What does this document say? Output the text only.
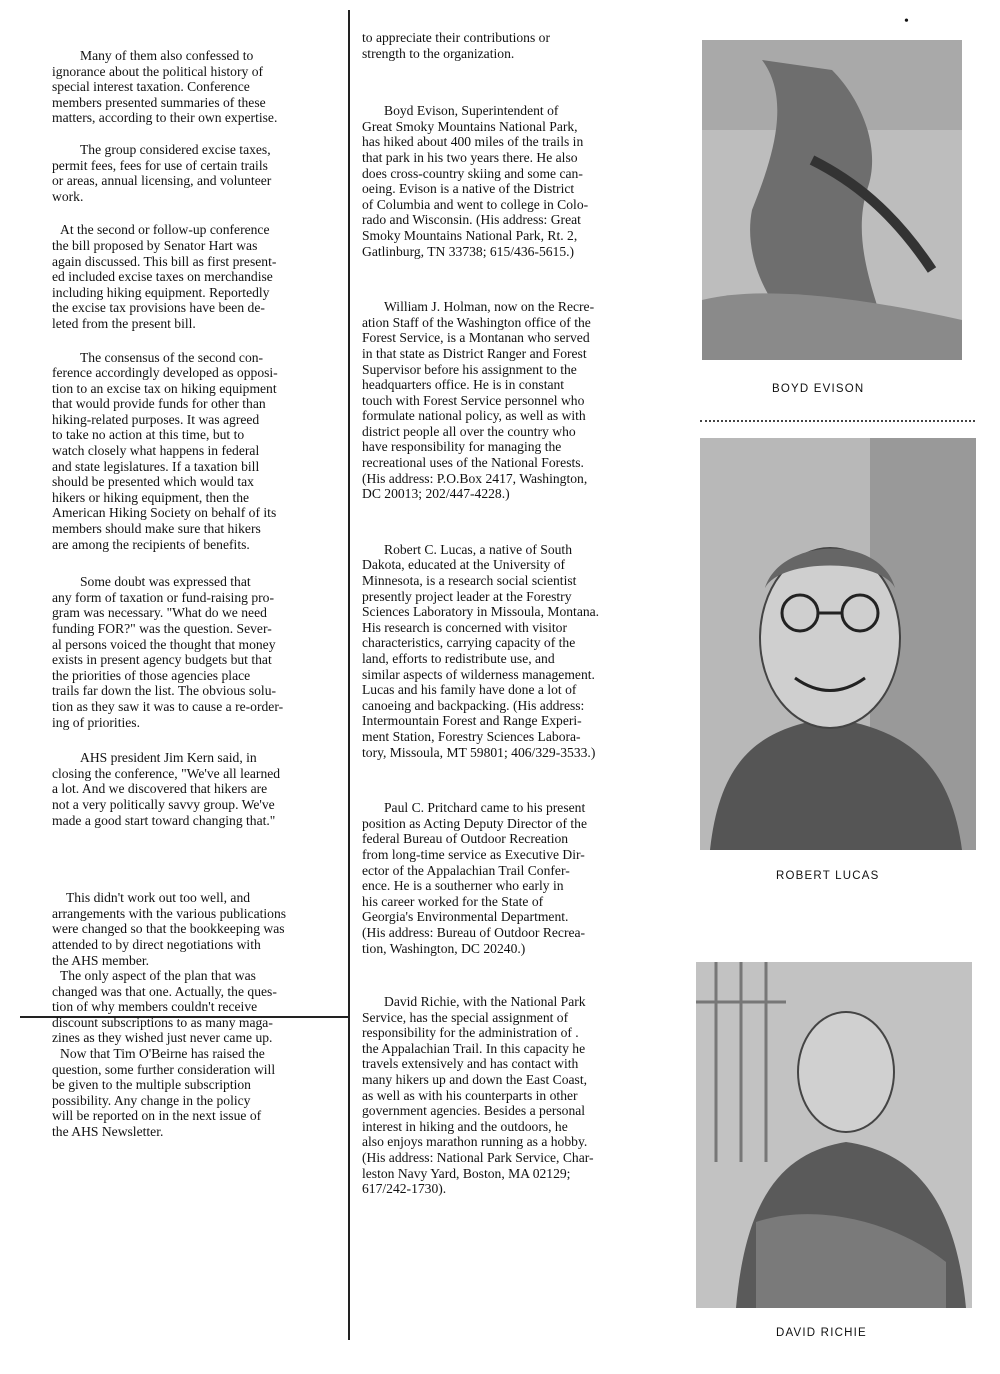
Many of them also confessed to
ignorance about the political history of
special interest taxation. Conference
members presented summaries of these
matters, according to their own expertise.

The group considered excise taxes,
permit fees, fees for use of certain trails
or areas, annual licensing, and volunteer
work.

At the second or follow-up conference
the bill proposed by Senator Hart was
again discussed. This bill as first present-
ed included excise taxes on merchandise
including hiking equipment. Reportedly
the excise tax provisions have been de-
leted from the present bill.

The consensus of the second con-
ference accordingly developed as opposi-
tion to an excise tax on hiking equipment
that would provide funds for other than
hiking-related purposes. It was agreed
to take no action at this time, but to
watch closely what happens in federal
and state legislatures. If a taxation bill
should be presented which would tax
hikers or hiking equipment, then the
American Hiking Society on behalf of its
members should make sure that hikers
are among the recipients of benefits.

Some doubt was expressed that
any form of taxation or fund-raising pro-
gram was necessary. "What do we need
funding FOR?" was the question. Sever-
al persons voiced the thought that money
exists in present agency budgets but that
the priorities of those agencies place
trails far down the list. The obvious solu-
tion as they saw it was to cause a re-order-
ing of priorities.

AHS president Jim Kern said, in
closing the conference, "We've all learned
a lot. And we discovered that hikers are
not a very politically savvy group. We've
made a good start toward changing that."

This didn't work out too well, and
arrangements with the various publications
were changed so that the bookkeeping was
attended to by direct negotiations with
the AHS member.

The only aspect of the plan that was
changed was that one. Actually, the ques-
tion of why members couldn't receive
discount subscriptions to as many maga-
zines as they wished just never came up.

Now that Tim O'Beirne has raised the
question, some further consideration will
be given to the multiple subscription
possibility. Any change in the policy
will be reported on in the next issue of
the AHS Newsletter.

to appreciate their contributions or
strength to the organization.

Boyd Evison, Superintendent of
Great Smoky Mountains National Park,
has hiked about 400 miles of the trails in
that park in his two years there. He also
does cross-country skiing and some can-
oeing. Evison is a native of the District
of Columbia and went to college in Colo-
rado and Wisconsin. (His address: Great
Smoky Mountains National Park, Rt. 2,
Gatlinburg, TN 33738; 615/436-5615.)

William J. Holman, now on the Recre-
ation Staff of the Washington office of the
Forest Service, is a Montanan who served
in that state as District Ranger and Forest
Supervisor before his assignment to the
headquarters office. He is in constant
touch with Forest Service personnel who
formulate national policy, as well as with
district people all over the country who
have responsibility for managing the
recreational uses of the National Forests.
(His address: P.O.Box 2417, Washington,
DC 20013; 202/447-4228.)

Robert C. Lucas, a native of South
Dakota, educated at the University of
Minnesota, is a research social scientist
presently project leader at the Forestry
Sciences Laboratory in Missoula, Montana.
His research is concerned with visitor
characteristics, carrying capacity of the
land, efforts to redistribute use, and
similar aspects of wilderness management.
Lucas and his family have done a lot of
canoeing and backpacking. (His address:
Intermountain Forest and Range Experi-
ment Station, Forestry Sciences Labora-
tory, Missoula, MT 59801; 406/329-3533.)

Paul C. Pritchard came to his present
position as Acting Deputy Director of the
federal Bureau of Outdoor Recreation
from long-time service as Executive Dir-
ector of the Appalachian Trail Confer-
ence. He is a southerner who early in
his career worked for the State of
Georgia's Environmental Department.
(His address: Bureau of Outdoor Recrea-
tion, Washington, DC 20240.)

David Richie, with the National Park
Service, has the special assignment of
responsibility for the administration of .
the Appalachian Trail. In this capacity he
travels extensively and has contact with
many hikers up and down the East Coast,
as well as with his counterparts in other
government agencies. Besides a personal
interest in hiking and the outdoors, he
also enjoys marathon running as a hobby.
(His address: National Park Service, Char-
leston Navy Yard, Boston, MA 02129;
617/242-1730).

BOYD EVISON
ROBERT LUCAS
DAVID RICHIE
•
